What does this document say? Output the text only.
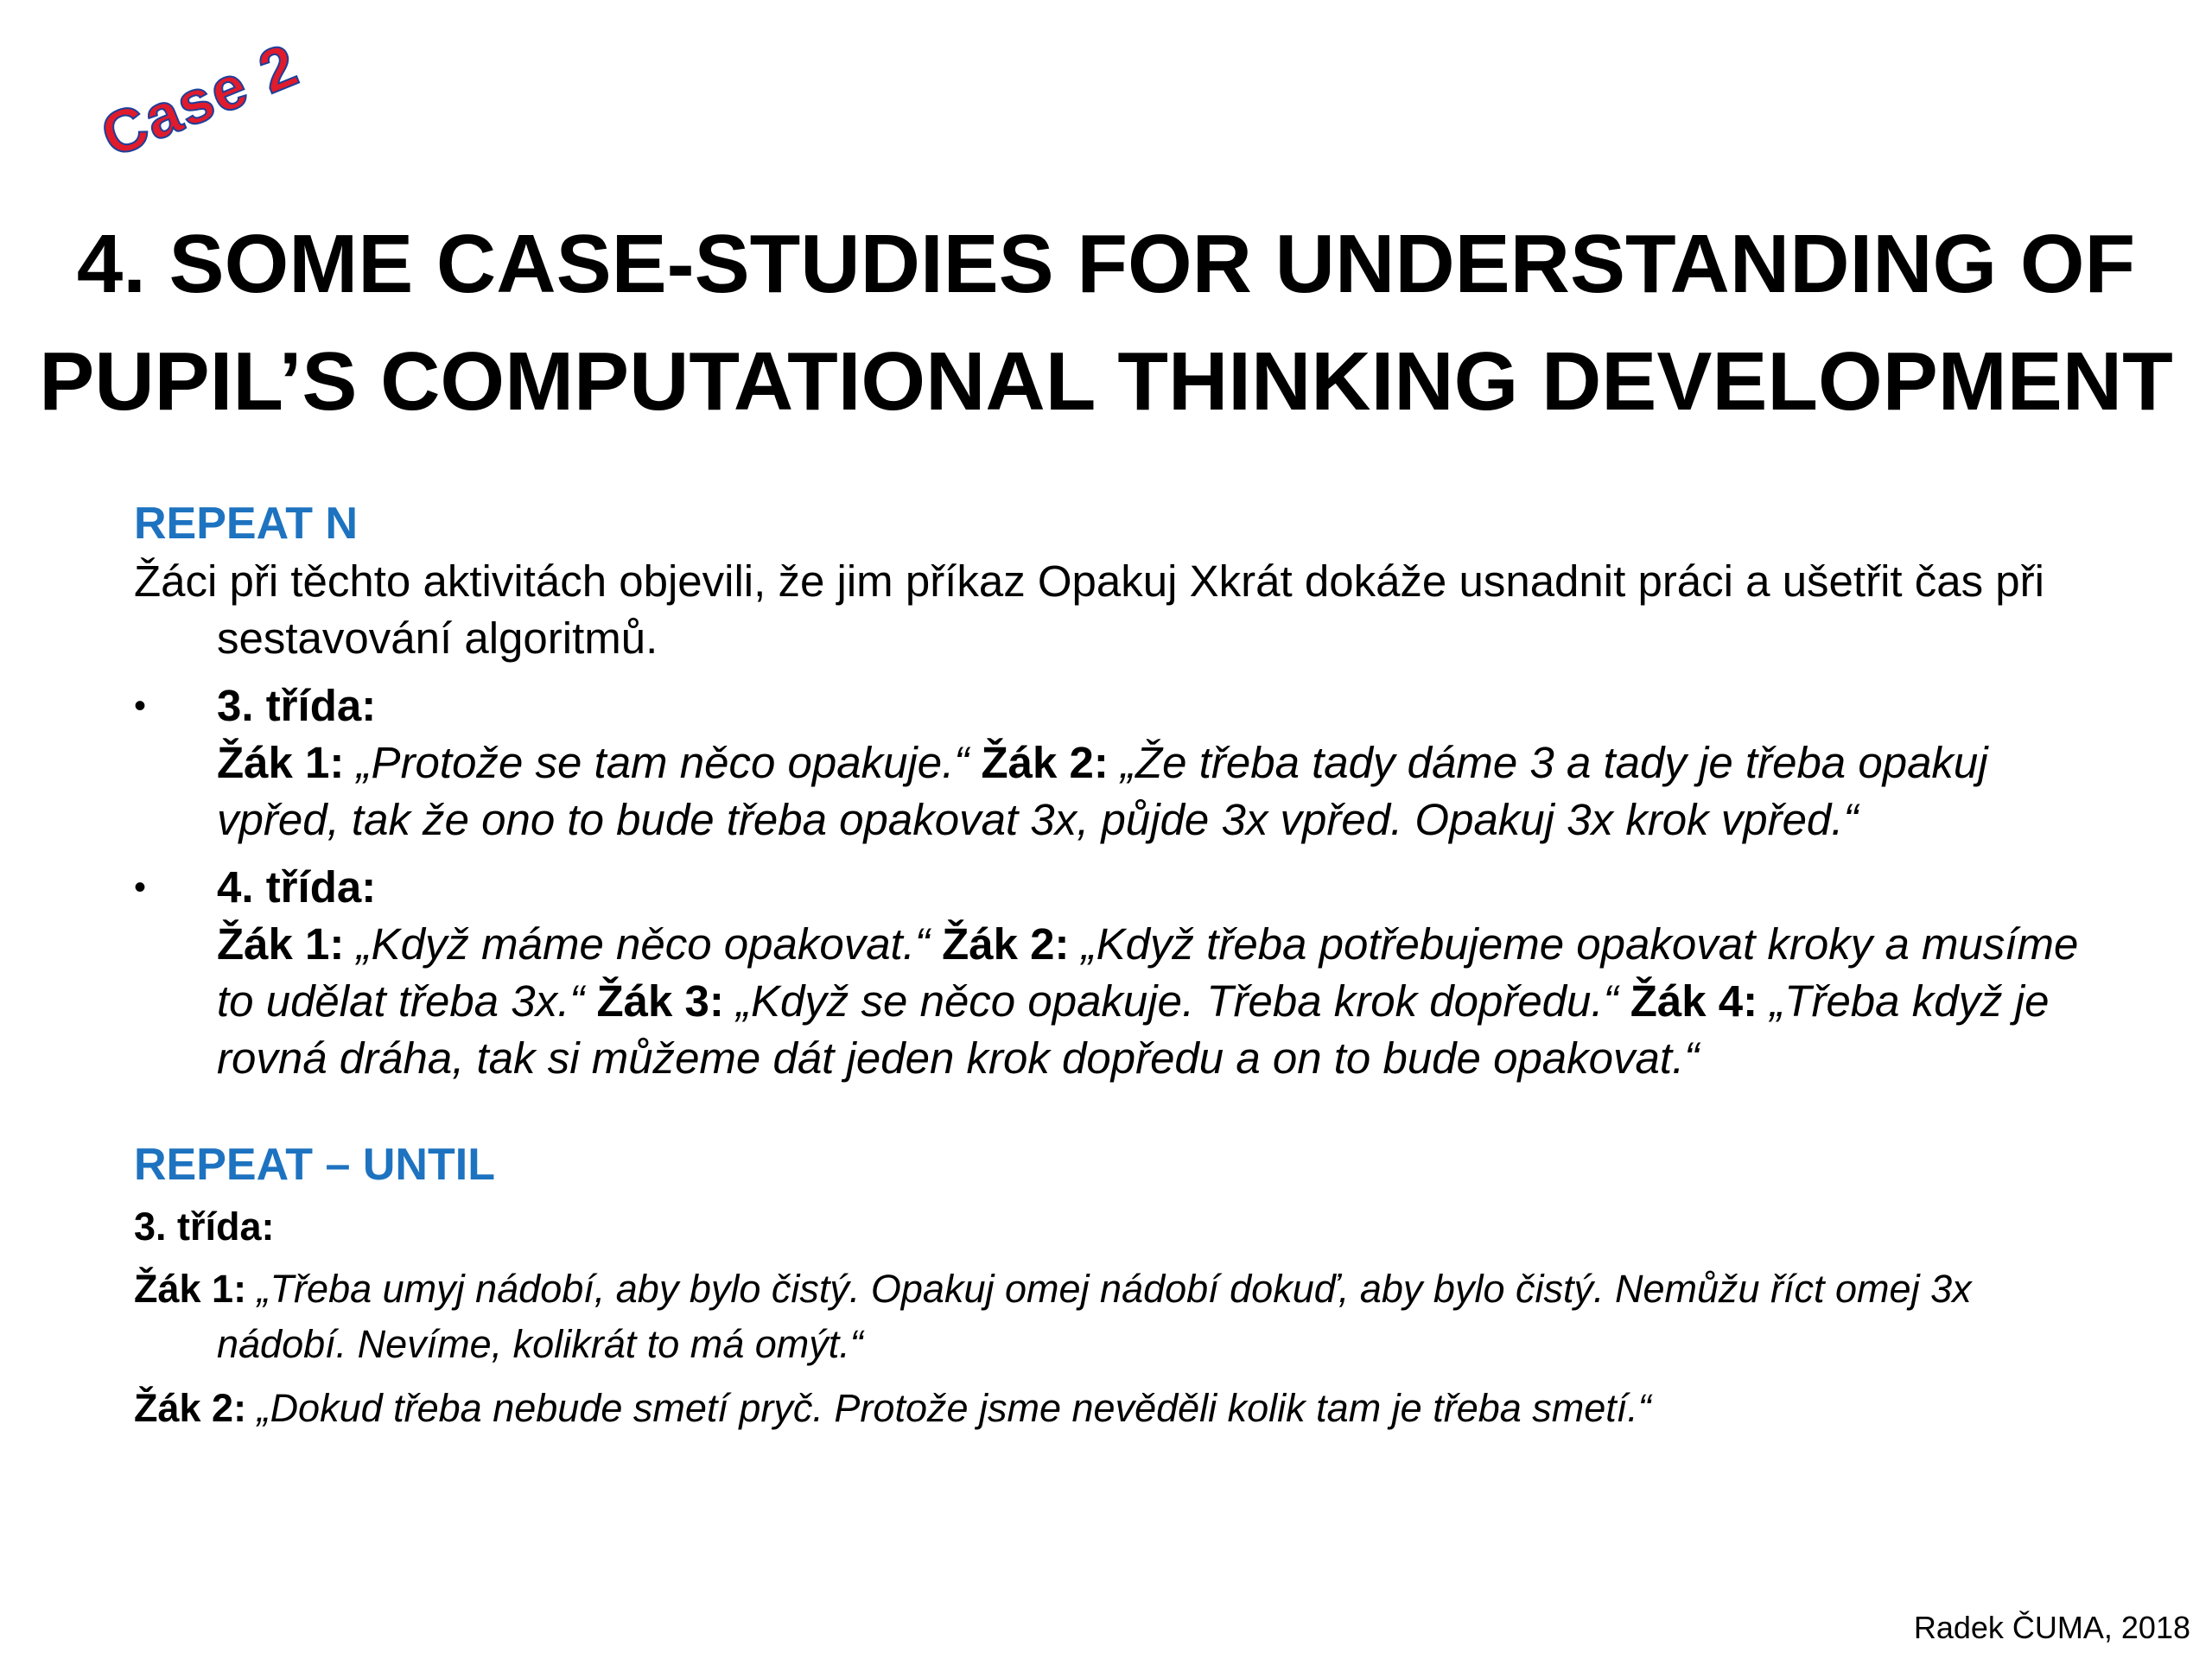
Case 2
4. SOME CASE-STUDIES FOR UNDERSTANDING OF
PUPIL’S COMPUTATIONAL THINKING DEVELOPMENT
REPEAT N

Žáci při těchto aktivitách objevili, že jim příkaz Opakuj Xkrát dokáže usnadnit práci a ušetřit čas při sestavování algoritmů.

• 3. třída:
Žák 1: „Protože se tam něco opakuje.“ Žák 2: „Že třeba tady dáme 3 a tady je třeba opakuj vpřed, tak že ono to bude třeba opakovat 3x, půjde 3x vpřed. Opakuj 3x krok vpřed.“
• 4. třída:
Žák 1: „Když máme něco opakovat.“ Žák 2: „Když třeba potřebujeme opakovat kroky a musíme to udělat třeba 3x.“ Žák 3: „Když se něco opakuje. Třeba krok dopředu.“ Žák 4: „Třeba když je rovná dráha, tak si můžeme dát jeden krok dopředu a on to bude opakovat.“
REPEAT – UNTIL

3. třída:

Žák 1: „Třeba umyj nádobí, aby bylo čistý. Opakuj omej nádobí dokuď, aby bylo čistý. Nemůžu říct omej 3x nádobí. Nevíme, kolikrát to má omýt.“

Žák 2: „Dokud třeba nebude smetí pryč. Protože jsme nevěděli kolik tam je třeba smetí.“

Radek ČUMA, 2018
